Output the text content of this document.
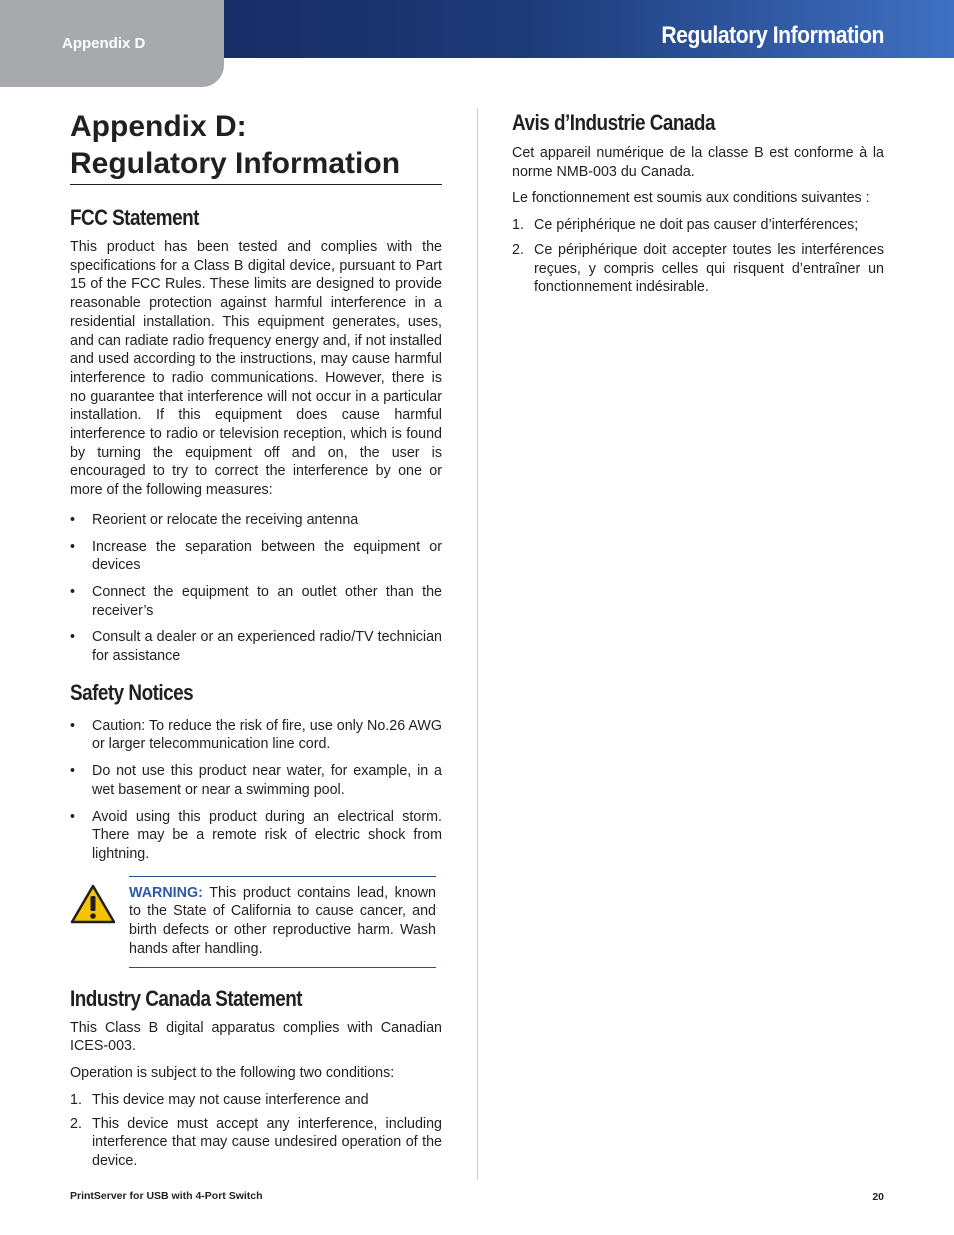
Appendix D	Regulatory Information
Appendix D:
Regulatory Information
FCC Statement

This product has been tested and complies with the specifications for a Class B digital device, pursuant to Part 15 of the FCC Rules. These limits are designed to provide reasonable protection against harmful interference in a residential installation. This equipment generates, uses, and can radiate radio frequency energy and, if not installed and used according to the instructions, may cause harmful interference to radio communications. However, there is no guarantee that interference will not occur in a particular installation. If this equipment does cause harmful interference to radio or television reception, which is found by turning the equipment off and on, the user is encouraged to try to correct the interference by one or more of the following measures:

• Reorient or relocate the receiving antenna
• Increase the separation between the equipment or devices
• Connect the equipment to an outlet other than the receiver’s
• Consult a dealer or an experienced radio/TV technician for assistance
Safety Notices
• Caution: To reduce the risk of fire, use only No.26 AWG or larger telecommunication line cord.
• Do not use this product near water, for example, in a wet basement or near a swimming pool.
• Avoid using this product during an electrical storm. There may be a remote risk of electric shock from lightning.

WARNING: This product contains lead, known to the State of California to cause cancer, and birth defects or other reproductive harm. Wash hands after handling.

Industry Canada Statement

This Class B digital apparatus complies with Canadian ICES-003.

Operation is subject to the following two conditions:

1. This device may not cause interference and
2. This device must accept any interference, including interference that may cause undesired operation of the device.
Avis d’Industrie Canada

Cet appareil numérique de la classe B est conforme à la norme NMB-003 du Canada.

Le fonctionnement est soumis aux conditions suivantes :

1. Ce périphérique ne doit pas causer d’interférences;
2. Ce périphérique doit accepter toutes les interférences reçues, y compris celles qui risquent d’entraîner un fonctionnement indésirable.
PrintServer for USB with 4-Port Switch	20
